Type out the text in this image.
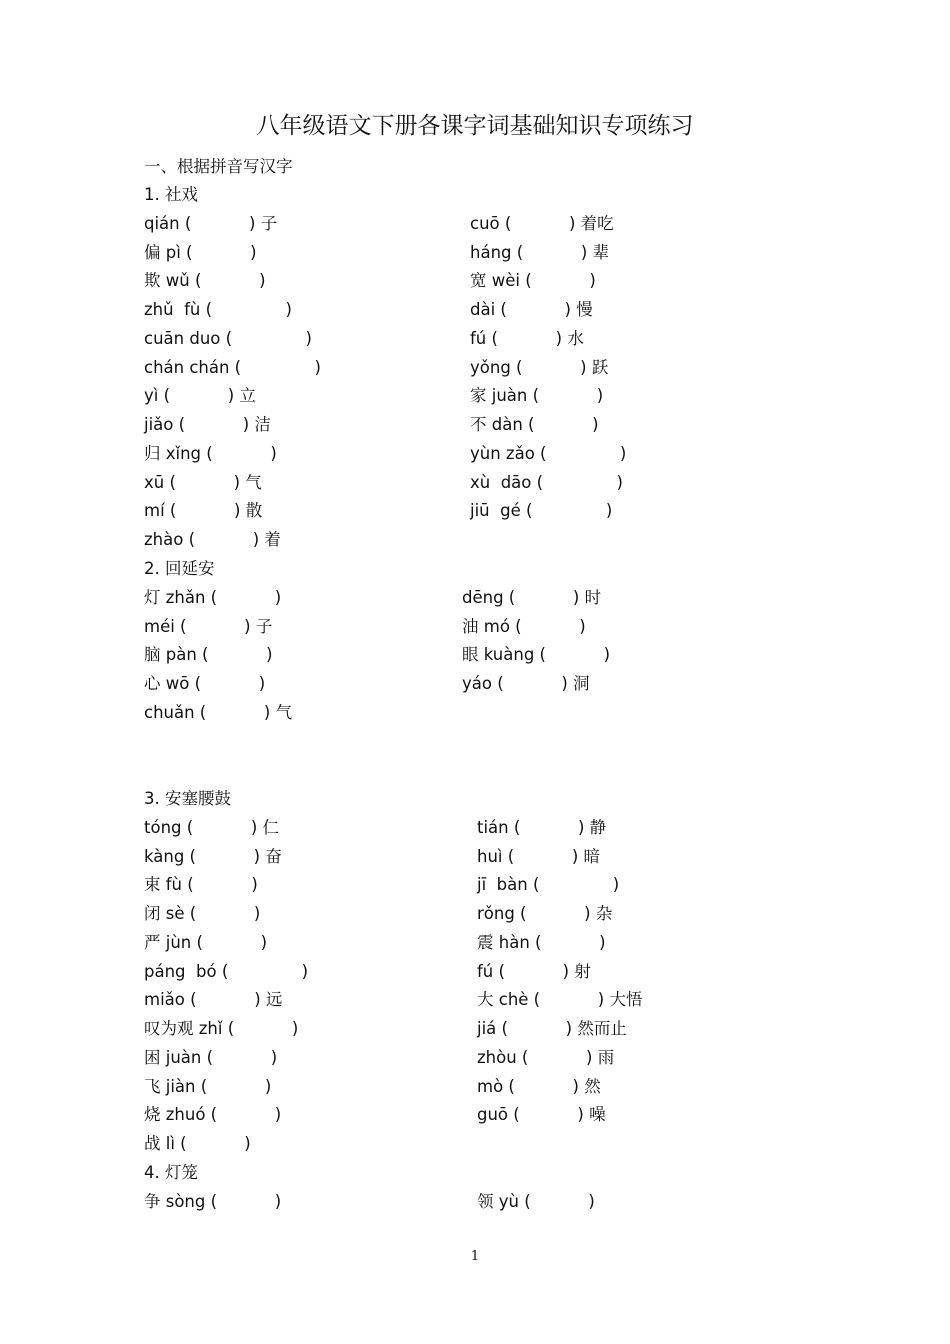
八年级语文下册各课字词基础知识专项练习
一、根据拼音写汉字
1. 社戏
qián (           ) 子	cuō (           ) 着吃
偏 pì (           )	háng (           ) 辈
欺 wǔ (           )	宽 wèi (           )
zhǔ  fù (              )	dài (           ) 慢
cuān duo (              )	fú (           ) 水
chán chán (              )	yǒng (           ) 跃
yì (           ) 立	家 juàn (           )
jiǎo (           ) 洁	不 dàn (           )
归 xǐng (           )	yùn zǎo (              )
xū (           ) 气	xù  dāo (              )
mí (           ) 散	jiū  gé (              )
zhào (           ) 着
2. 回延安
灯 zhǎn (           )	dēng (           ) 时
méi (           ) 子	油 mó (           )
脑 pàn (           )	眼 kuàng (           )
心 wō (           )	yáo (           ) 洞
chuǎn (           ) 气
3. 安塞腰鼓
tóng (           ) 仁	tián (           ) 静
kàng (           ) 奋	huì (           ) 暗
束 fù (           )	jī  bàn (              )
闭 sè (           )	rǒng (           ) 杂
严 jùn (           )	震 hàn (           )
páng  bó (              )	fú (           ) 射
miǎo (           ) 远	大 chè (           ) 大悟
叹为观 zhǐ (           )	jiá (           ) 然而止
困 juàn (           )	zhòu (           ) 雨
飞 jiàn (           )	mò (           ) 然
烧 zhuó (           )	guō (           ) 噪
战 lì (           )
4. 灯笼
争 sòng (           )	领 yù (           )
1
